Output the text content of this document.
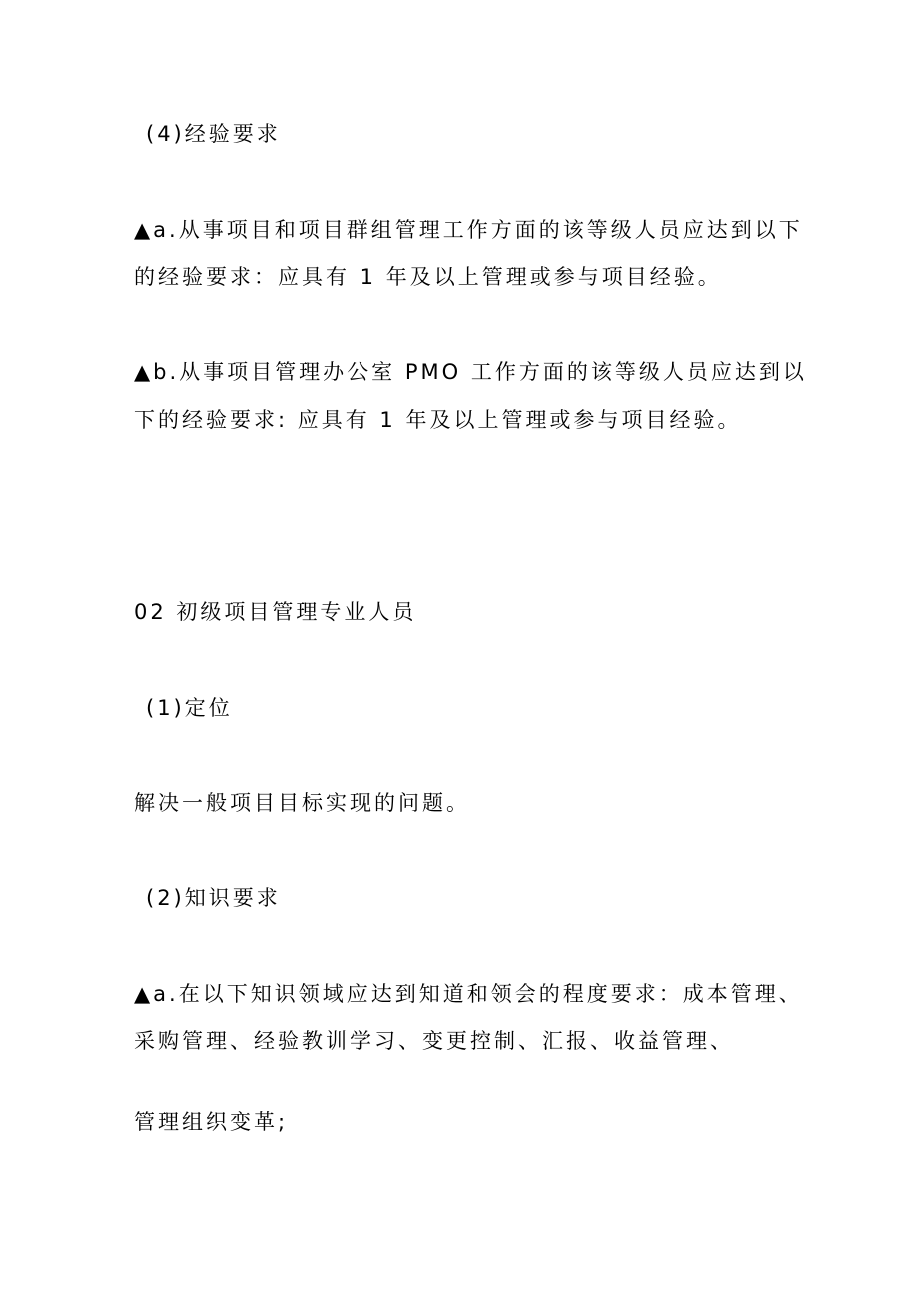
(4)经验要求
▲a.从事项目和项目群组管理工作方面的该等级人员应达到以下
的经验要求：应具有 1 年及以上管理或参与项目经验。
▲b.从事项目管理办公室 PMO 工作方面的该等级人员应达到以
下的经验要求: 应具有 1 年及以上管理或参与项目经验。
02 初级项目管理专业人员
(1)定位
解决一般项目目标实现的问题。
(2)知识要求
▲a.在以下知识领域应达到知道和领会的程度要求：成本管理、
采购管理、经验教训学习、变更控制、汇报、收益管理、
管理组织变革;
